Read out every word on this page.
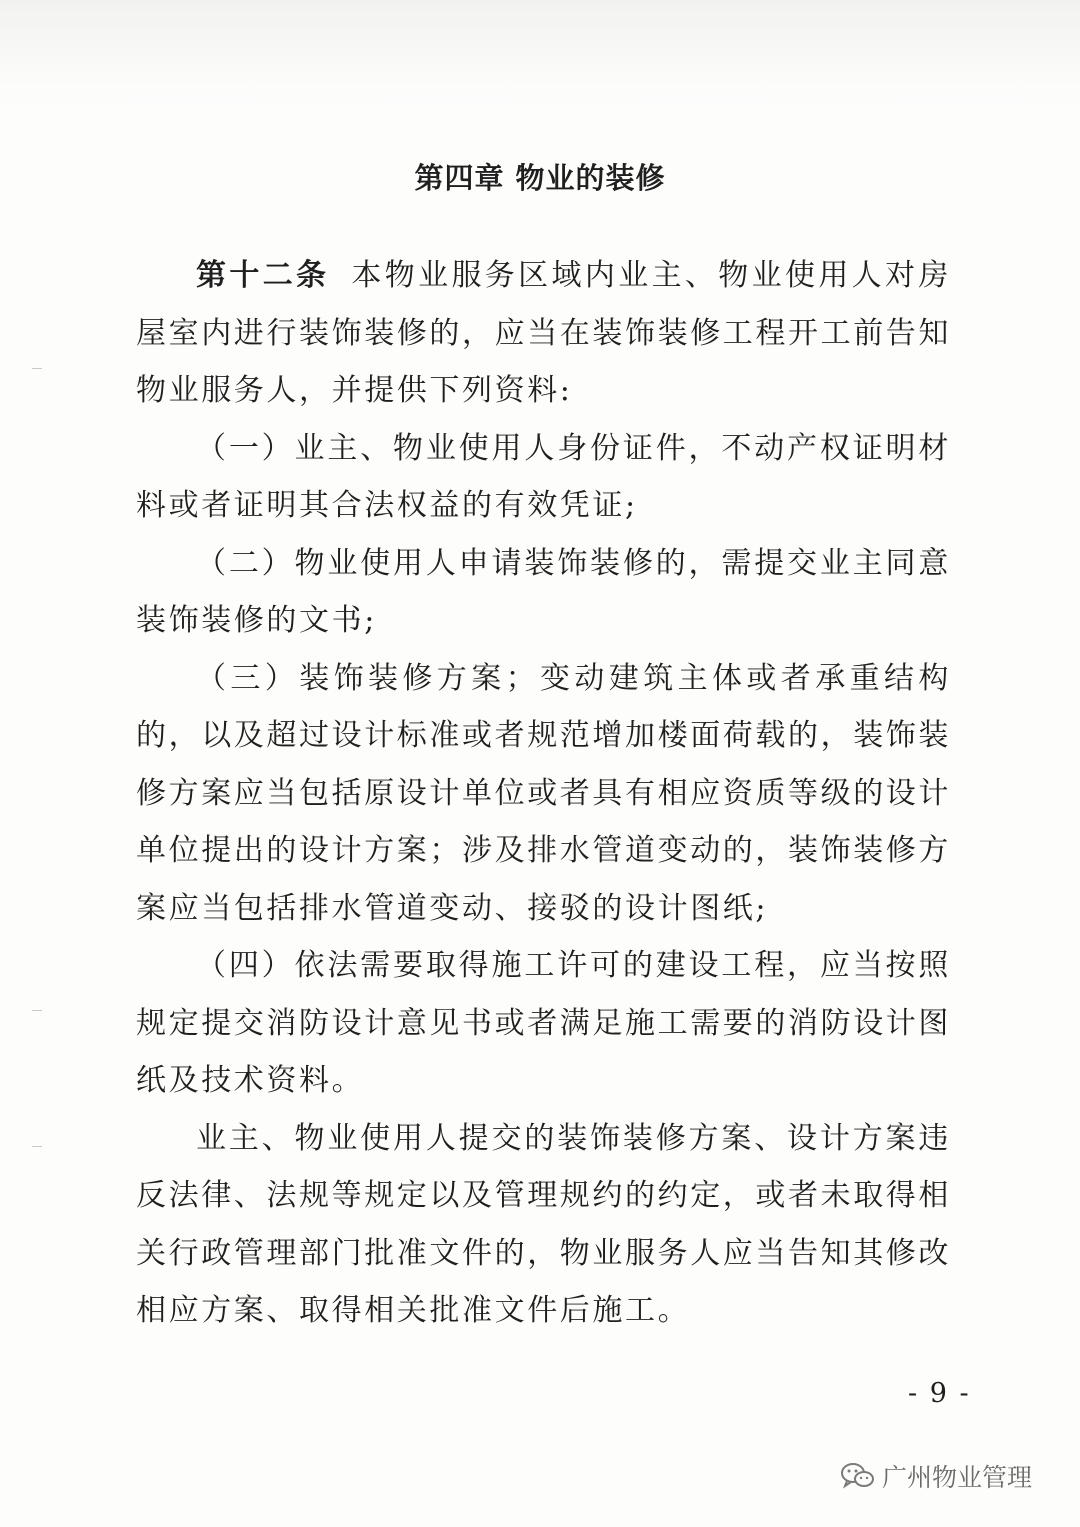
第四章 物业的装修

第十二条 本物业服务区域内业主、物业使用人对房屋室内进行装饰装修的，应当在装饰装修工程开工前告知物业服务人，并提供下列资料:

（一）业主、物业使用人身份证件，不动产权证明材料或者证明其合法权益的有效凭证;

（二）物业使用人申请装饰装修的，需提交业主同意装饰装修的文书;

（三）装饰装修方案；变动建筑主体或者承重结构的，以及超过设计标准或者规范增加楼面荷载的，装饰装修方案应当包括原设计单位或者具有相应资质等级的设计单位提出的设计方案；涉及排水管道变动的，装饰装修方案应当包括排水管道变动、接驳的设计图纸;

（四）依法需要取得施工许可的建设工程，应当按照规定提交消防设计意见书或者满足施工需要的消防设计图纸及技术资料。

业主、物业使用人提交的装饰装修方案、设计方案违反法律、法规等规定以及管理规约的约定，或者未取得相关行政管理部门批准文件的，物业服务人应当告知其修改相应方案、取得相关批准文件后施工。

- 9 -
广州物业管理
